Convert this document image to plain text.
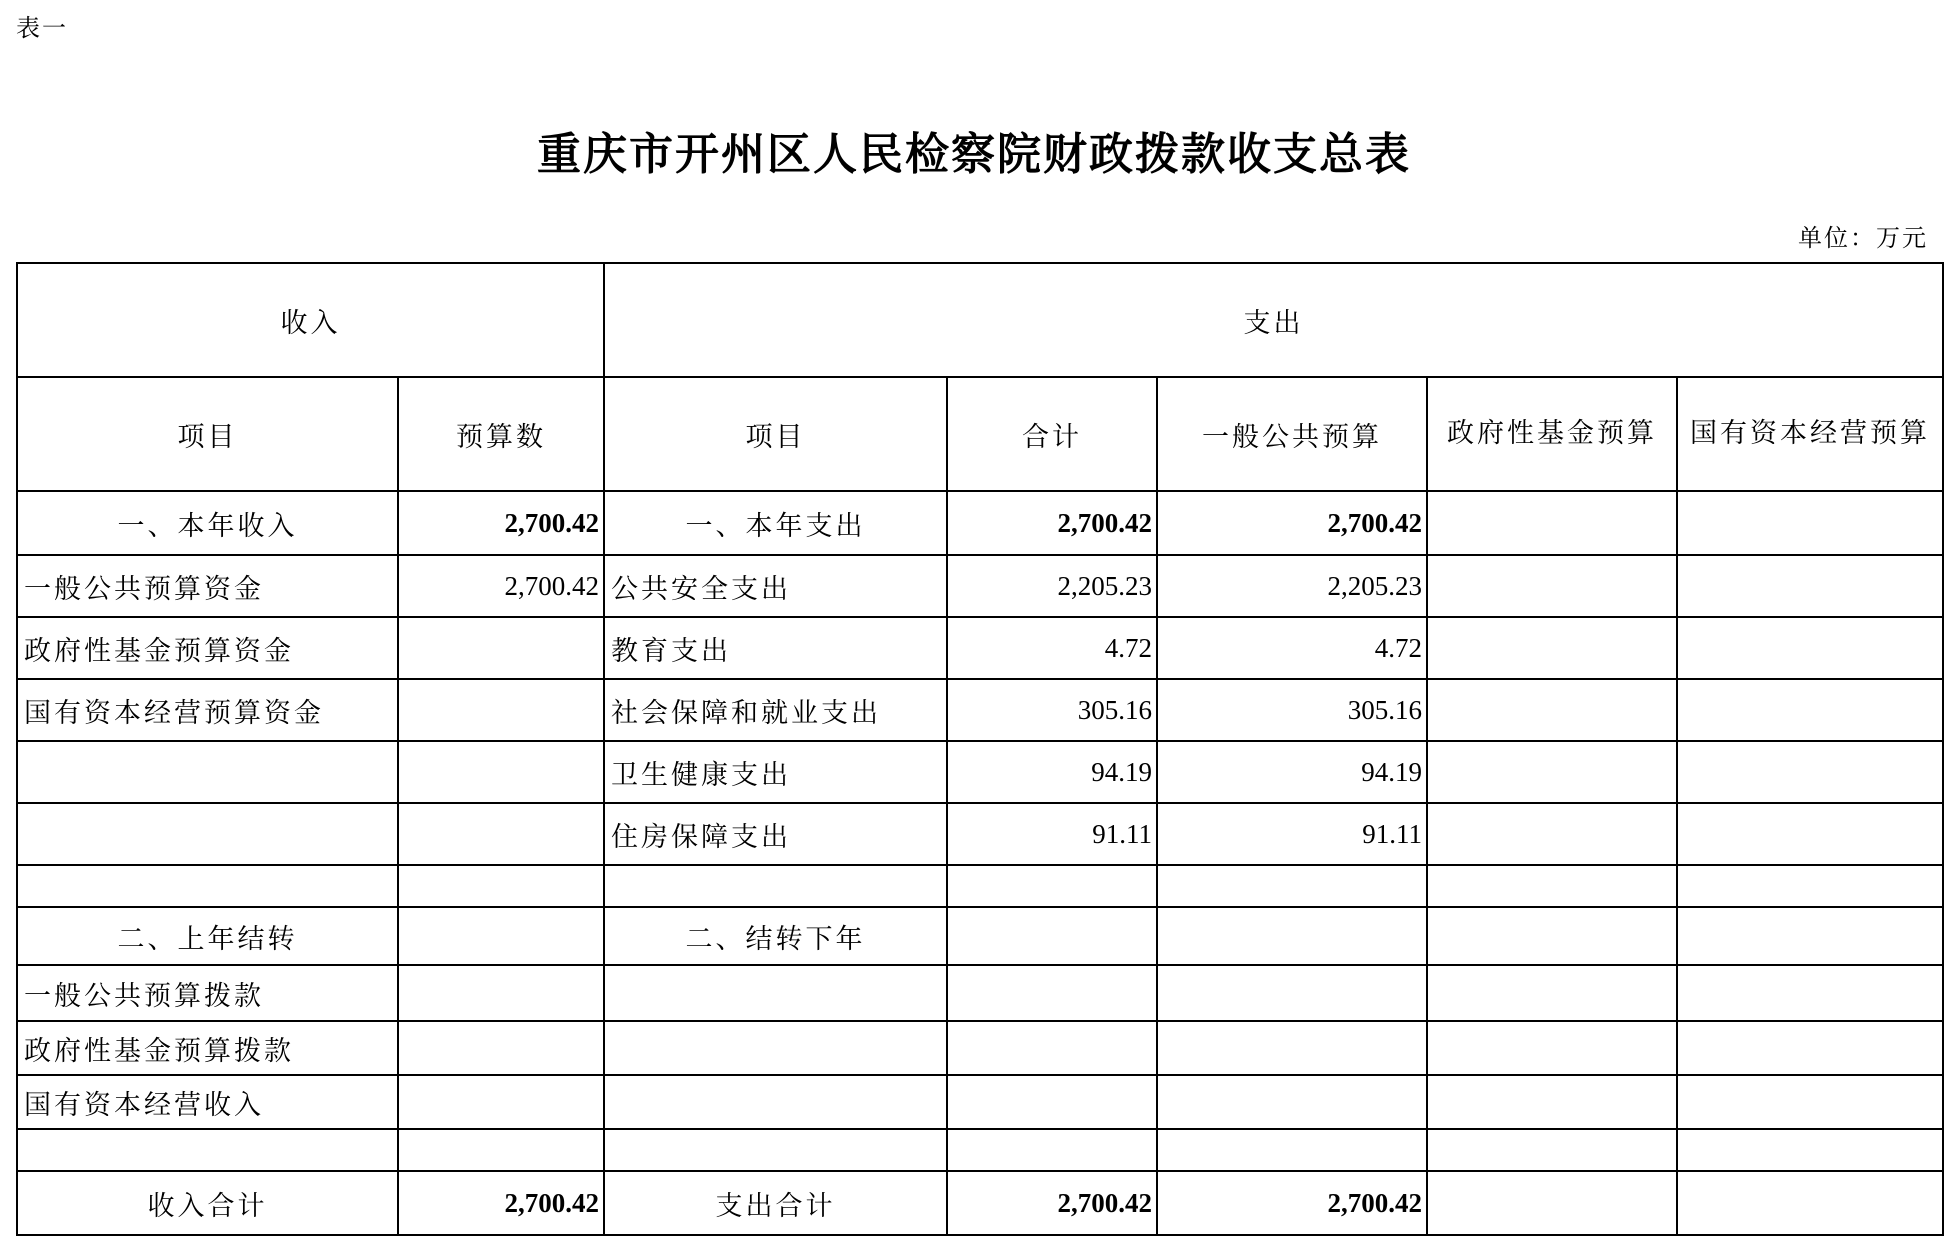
表一
重庆市开州区人民检察院财政拨款收支总表
单位：万元
收入		支出				
项目	预算数	项目	合计	一般公共预算	政府性基金预算	国有资本经营预算
一、本年收入	2,700.42	一、本年支出	2,700.42	2,700.42		
一般公共预算资金	2,700.42	公共安全支出	2,205.23	2,205.23		
政府性基金预算资金		教育支出	4.72	4.72		
国有资本经营预算资金		社会保障和就业支出	305.16	305.16		
		卫生健康支出	94.19	94.19		
		住房保障支出	91.11	91.11		

二、上年结转		二、结转下年				
一般公共预算拨款						
政府性基金预算拨款						
国有资本经营收入						

收入合计	2,700.42	支出合计	2,700.42	2,700.42		
